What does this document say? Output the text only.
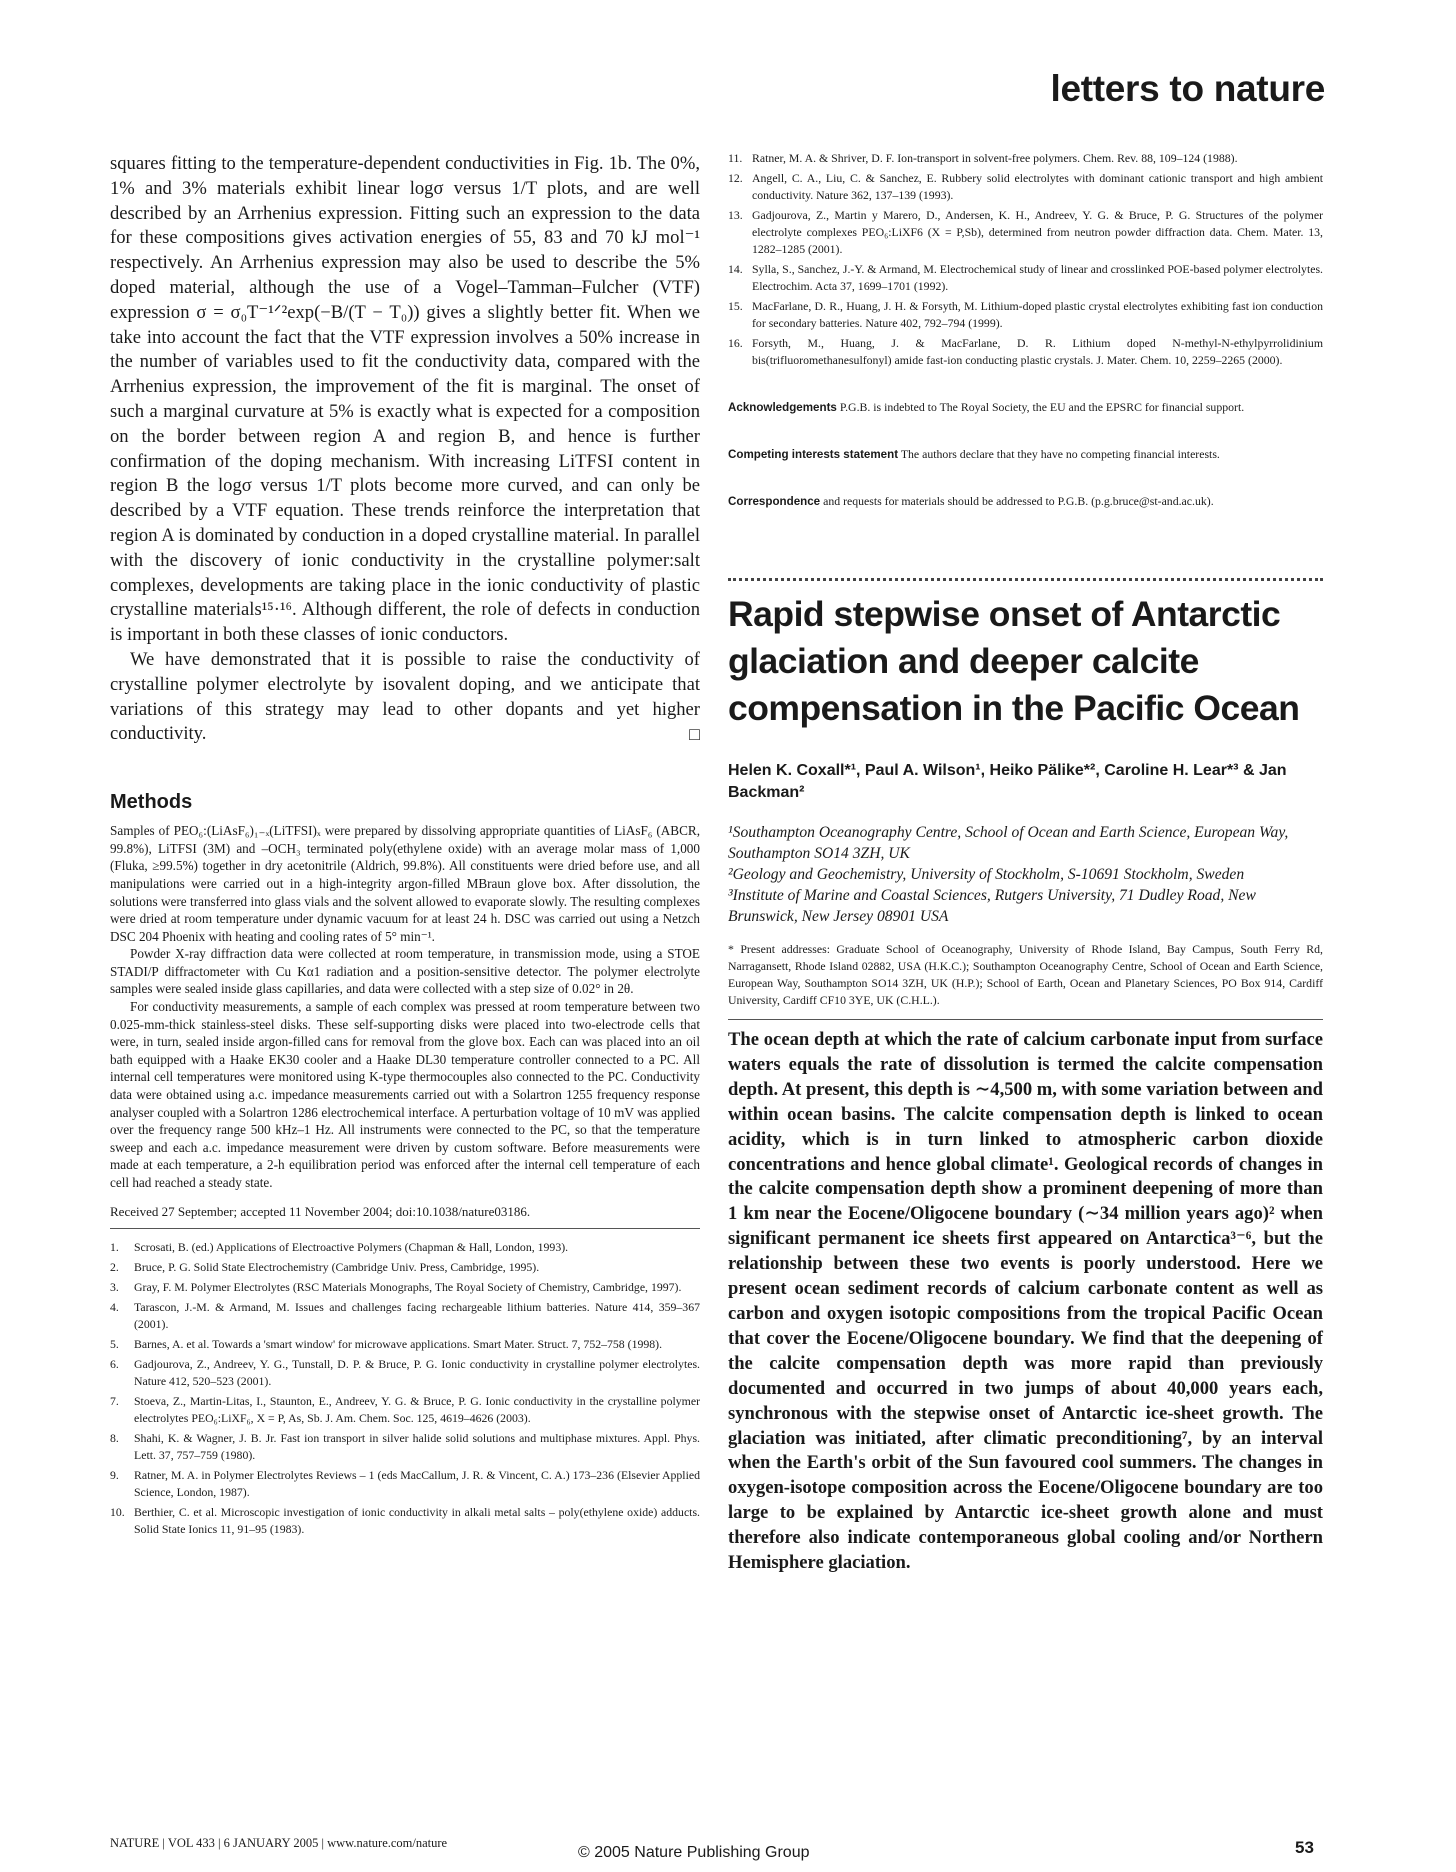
letters to nature

squares fitting to the temperature-dependent conductivities in Fig. 1b. The 0%, 1% and 3% materials exhibit linear logσ versus 1/T plots, and are well described by an Arrhenius expression. Fitting such an expression to the data for these compositions gives activation energies of 55, 83 and 70 kJ mol⁻¹ respectively. An Arrhenius expression may also be used to describe the 5% doped material, although the use of a Vogel–Tamman–Fulcher (VTF) expression σ = σ₀T⁻¹ᐟ²exp(−B/(T − T₀)) gives a slightly better fit. When we take into account the fact that the VTF expression involves a 50% increase in the number of variables used to fit the conductivity data, compared with the Arrhenius expression, the improvement of the fit is marginal. The onset of such a marginal curvature at 5% is exactly what is expected for a composition on the border between region A and region B, and hence is further confirmation of the doping mechanism. With increasing LiTFSI content in region B the logσ versus 1/T plots become more curved, and can only be described by a VTF equation. These trends reinforce the interpretation that region A is dominated by conduction in a doped crystalline material. In parallel with the discovery of ionic conductivity in the crystalline polymer:salt complexes, developments are taking place in the ionic conductivity of plastic crystalline materials¹⁵·¹⁶. Although different, the role of defects in conduction is important in both these classes of ionic conductors.

We have demonstrated that it is possible to raise the conductivity of crystalline polymer electrolyte by isovalent doping, and we anticipate that variations of this strategy may lead to other dopants and yet higher conductivity.	□

Methods

Samples of PEO₆:(LiAsF₆)₁₋ₓ(LiTFSI)ₓ were prepared by dissolving appropriate quantities of LiAsF₆ (ABCR, 99.8%), LiTFSI (3M) and –OCH₃ terminated poly(ethylene oxide) with an average molar mass of 1,000 (Fluka, ≥99.5%) together in dry acetonitrile (Aldrich, 99.8%). All constituents were dried before use, and all manipulations were carried out in a high-integrity argon-filled MBraun glove box. After dissolution, the solutions were transferred into glass vials and the solvent allowed to evaporate slowly. The resulting complexes were dried at room temperature under dynamic vacuum for at least 24 h. DSC was carried out using a Netzch DSC 204 Phoenix with heating and cooling rates of 5° min⁻¹.

Powder X-ray diffraction data were collected at room temperature, in transmission mode, using a STOE STADI/P diffractometer with Cu Kα1 radiation and a position-sensitive detector. The polymer electrolyte samples were sealed inside glass capillaries, and data were collected with a step size of 0.02° in 2θ.

For conductivity measurements, a sample of each complex was pressed at room temperature between two 0.025-mm-thick stainless-steel disks. These self-supporting disks were placed into two-electrode cells that were, in turn, sealed inside argon-filled cans for removal from the glove box. Each can was placed into an oil bath equipped with a Haake EK30 cooler and a Haake DL30 temperature controller connected to a PC. All internal cell temperatures were monitored using K-type thermocouples also connected to the PC. Conductivity data were obtained using a.c. impedance measurements carried out with a Solartron 1255 frequency response analyser coupled with a Solartron 1286 electrochemical interface. A perturbation voltage of 10 mV was applied over the frequency range 500 kHz–1 Hz. All instruments were connected to the PC, so that the temperature sweep and each a.c. impedance measurement were driven by custom software. Before measurements were made at each temperature, a 2-h equilibration period was enforced after the internal cell temperature of each cell had reached a steady state.

Received 27 September; accepted 11 November 2004; doi:10.1038/nature03186.
1. Scrosati, B. (ed.) Applications of Electroactive Polymers (Chapman & Hall, London, 1993).
2. Bruce, P. G. Solid State Electrochemistry (Cambridge Univ. Press, Cambridge, 1995).
3. Gray, F. M. Polymer Electrolytes (RSC Materials Monographs, The Royal Society of Chemistry, Cambridge, 1997).
4. Tarascon, J.-M. & Armand, M. Issues and challenges facing rechargeable lithium batteries. Nature 414, 359–367 (2001).
5. Barnes, A. et al. Towards a 'smart window' for microwave applications. Smart Mater. Struct. 7, 752–758 (1998).
6. Gadjourova, Z., Andreev, Y. G., Tunstall, D. P. & Bruce, P. G. Ionic conductivity in crystalline polymer electrolytes. Nature 412, 520–523 (2001).
7. Stoeva, Z., Martin-Litas, I., Staunton, E., Andreev, Y. G. & Bruce, P. G. Ionic conductivity in the crystalline polymer electrolytes PEO₆:LiXF₆, X = P, As, Sb. J. Am. Chem. Soc. 125, 4619–4626 (2003).
8. Shahi, K. & Wagner, J. B. Jr. Fast ion transport in silver halide solid solutions and multiphase mixtures. Appl. Phys. Lett. 37, 757–759 (1980).
9. Ratner, M. A. in Polymer Electrolytes Reviews – 1 (eds MacCallum, J. R. & Vincent, C. A.) 173–236 (Elsevier Applied Science, London, 1987).
10. Berthier, C. et al. Microscopic investigation of ionic conductivity in alkali metal salts – poly(ethylene oxide) adducts. Solid State Ionics 11, 91–95 (1983).
11. Ratner, M. A. & Shriver, D. F. Ion-transport in solvent-free polymers. Chem. Rev. 88, 109–124 (1988).
12. Angell, C. A., Liu, C. & Sanchez, E. Rubbery solid electrolytes with dominant cationic transport and high ambient conductivity. Nature 362, 137–139 (1993).
13. Gadjourova, Z., Martin y Marero, D., Andersen, K. H., Andreev, Y. G. & Bruce, P. G. Structures of the polymer electrolyte complexes PEO₆:LiXF6 (X = P,Sb), determined from neutron powder diffraction data. Chem. Mater. 13, 1282–1285 (2001).
14. Sylla, S., Sanchez, J.-Y. & Armand, M. Electrochemical study of linear and crosslinked POE-based polymer electrolytes. Electrochim. Acta 37, 1699–1701 (1992).
15. MacFarlane, D. R., Huang, J. H. & Forsyth, M. Lithium-doped plastic crystal electrolytes exhibiting fast ion conduction for secondary batteries. Nature 402, 792–794 (1999).
16. Forsyth, M., Huang, J. & MacFarlane, D. R. Lithium doped N-methyl-N-ethylpyrrolidinium bis(trifluoromethanesulfonyl) amide fast-ion conducting plastic crystals. J. Mater. Chem. 10, 2259–2265 (2000).

Acknowledgements P.G.B. is indebted to The Royal Society, the EU and the EPSRC for financial support.

Competing interests statement The authors declare that they have no competing financial interests.

Correspondence and requests for materials should be addressed to P.G.B. (p.g.bruce@st-and.ac.uk).

Rapid stepwise onset of Antarctic glaciation and deeper calcite compensation in the Pacific Ocean
Helen K. Coxall*¹, Paul A. Wilson¹, Heiko Pälike*², Caroline H. Lear*³ & Jan Backman²

¹Southampton Oceanography Centre, School of Ocean and Earth Science, European Way, Southampton SO14 3ZH, UK

²Geology and Geochemistry, University of Stockholm, S-10691 Stockholm, Sweden

³Institute of Marine and Coastal Sciences, Rutgers University, 71 Dudley Road, New Brunswick, New Jersey 08901 USA

* Present addresses: Graduate School of Oceanography, University of Rhode Island, Bay Campus, South Ferry Rd, Narragansett, Rhode Island 02882, USA (H.K.C.); Southampton Oceanography Centre, School of Ocean and Earth Science, European Way, Southampton SO14 3ZH, UK (H.P.); School of Earth, Ocean and Planetary Sciences, PO Box 914, Cardiff University, Cardiff CF10 3YE, UK (C.H.L.).

The ocean depth at which the rate of calcium carbonate input from surface waters equals the rate of dissolution is termed the calcite compensation depth. At present, this depth is ∼4,500 m, with some variation between and within ocean basins. The calcite compensation depth is linked to ocean acidity, which is in turn linked to atmospheric carbon dioxide concentrations and hence global climate¹. Geological records of changes in the calcite compensation depth show a prominent deepening of more than 1 km near the Eocene/Oligocene boundary (∼34 million years ago)² when significant permanent ice sheets first appeared on Antarctica³⁻⁶, but the relationship between these two events is poorly understood. Here we present ocean sediment records of calcium carbonate content as well as carbon and oxygen isotopic compositions from the tropical Pacific Ocean that cover the Eocene/Oligocene boundary. We find that the deepening of the calcite compensation depth was more rapid than previously documented and occurred in two jumps of about 40,000 years each, synchronous with the stepwise onset of Antarctic ice-sheet growth. The glaciation was initiated, after climatic preconditioning⁷, by an interval when the Earth's orbit of the Sun favoured cool summers. The changes in oxygen-isotope composition across the Eocene/Oligocene boundary are too large to be explained by Antarctic ice-sheet growth alone and must therefore also indicate contemporaneous global cooling and/or Northern Hemisphere glaciation.

NATURE | VOL 433 | 6 JANUARY 2005 | www.nature.com/nature
© 2005 Nature Publishing Group	53
